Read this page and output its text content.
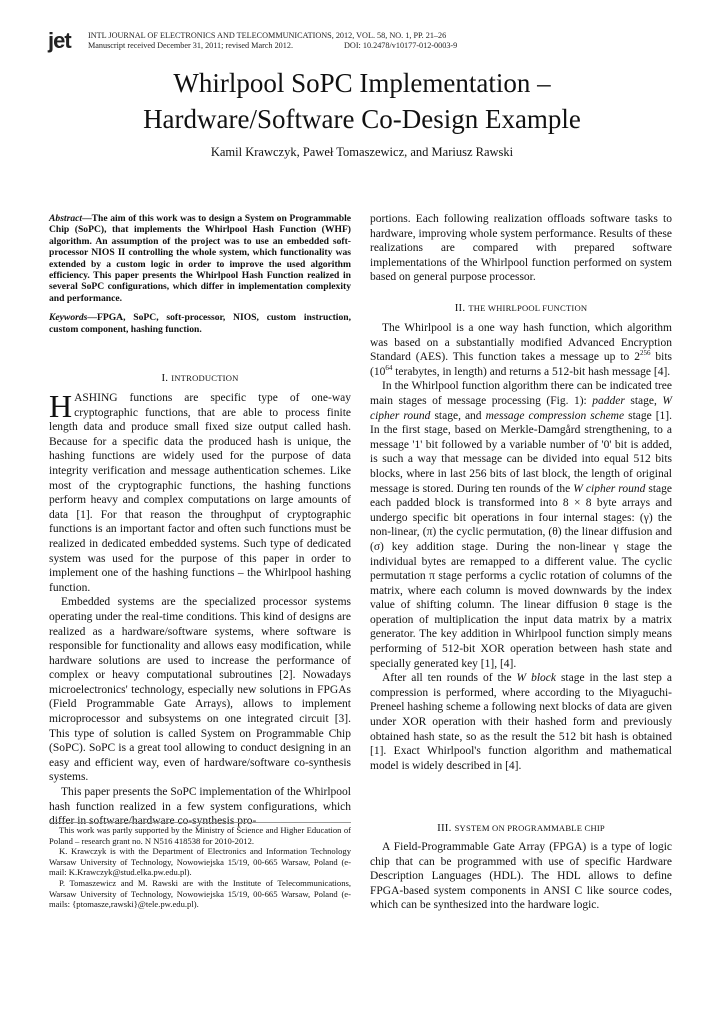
jet INTL JOURNAL OF ELECTRONICS AND TELECOMMUNICATIONS, 2012, VOL. 58, NO. 1, PP. 21–26
Manuscript received December 31, 2011; revised March 2012.	DOI: 10.2478/v10177-012-0003-9
Whirlpool SoPC Implementation –
Hardware/Software Co-Design Example
Kamil Krawczyk, Paweł Tomaszewicz, and Mariusz Rawski

Abstract—The aim of this work was to design a System on Programmable Chip (SoPC), that implements the Whirlpool Hash Function (WHF) algorithm. An assumption of the project was to use an embedded soft-processor NIOS II controlling the whole system, which functionality was extended by a custom logic in order to improve the used algorithm efficiency. This paper presents the Whirlpool Hash Function realized in several SoPC configurations, which differ in implementation complexity and performance.

Keywords—FPGA, SoPC, soft-processor, NIOS, custom instruction, custom component, hashing function.

I. INTRODUCTION

HASHING functions are specific type of one-way cryptographic functions, that are able to process finite length data and produce small fixed size output called hash. Because for a specific data the produced hash is unique, the hashing functions are widely used for the purpose of data integrity verification and message authentication schemes. Like most of the cryptographic functions, the hashing functions perform heavy and complex computations on large amounts of data [1]. For that reason the throughput of cryptographic functions is an important factor and often such functions must be realized in dedicated embedded systems. Such type of dedicated system was used for the purpose of this paper in order to implement one of the hashing functions – the Whirlpool hashing function.

Embedded systems are the specialized processor systems operating under the real-time conditions. This kind of designs are realized as a hardware/software systems, where software is responsible for functionality and allows easy modification, while hardware solutions are used to increase the performance of complex or heavy computational subroutines [2]. Nowadays microelectronics' technology, especially new solutions in FPGAs (Field Programmable Gate Arrays), allows to implement microprocessor and subsystems on one integrated circuit [3]. This type of solution is called System on Programmable Chip (SoPC). SoPC is a great tool allowing to conduct designing in an easy and efficient way, even of hardware/software co-synthesis systems.

This paper presents the SoPC implementation of the Whirlpool hash function realized in a few system configurations, which differ in software/hardware co-synthesis pro-

This work was partly supported by the Ministry of Science and Higher Education of Poland – research grant no. N N516 418538 for 2010-2012.

K. Krawczyk is with the Department of Electronics and Information Technology Warsaw University of Technology, Nowowiejska 15/19, 00-665 Warsaw, Poland (e-mail: K.Krawczyk@stud.elka.pw.edu.pl).

P. Tomaszewicz and M. Rawski are with the Institute of Telecommunications, Warsaw University of Technology, Nowowiejska 15/19, 00-665 Warsaw, Poland (e-mails: {ptomasze,rawski}@tele.pw.edu.pl).

portions. Each following realization offloads software tasks to hardware, improving whole system performance. Results of these realizations are compared with prepared software implementations of the Whirlpool function performed on system based on general purpose processor.

II. THE WHIRLPOOL FUNCTION

The Whirlpool is a one way hash function, which algorithm was based on a substantially modified Advanced Encryption Standard (AES). This function takes a message up to $2^{256}$ bits ($10^{64}$ terabytes, in length) and returns a 512-bit hash message [4].

In the Whirlpool function algorithm there can be indicated tree main stages of message processing (Fig. 1): padder stage, W cipher round stage, and message compression scheme stage [1]. In the first stage, based on Merkle-Damgård strengthening, to a message '1' bit followed by a variable number of '0' bit is added, is such a way that message can be divided into equal 512 bits blocks, where in last 256 bits of last block, the length of original message is stored. During ten rounds of the W cipher round stage each padded block is transformed into 8 × 8 byte arrays and undergo specific bit operations in four internal stages: (γ) the non-linear, (π) the cyclic permutation, (θ) the linear diffusion and (σ) key addition stage. During the non-linear γ stage the individual bytes are remapped to a different value. The cyclic permutation π stage performs a cyclic rotation of columns of the matrix, where each column is moved downwards by the index value of shifting column. The linear diffusion θ stage is the operation of multiplication the input data matrix by a matrix generator. The key addition in Whirlpool function simply means performing of 512-bit XOR operation between hash state and specially generated key [1], [4].

After all ten rounds of the W block stage in the last step a compression is performed, where according to the Miyaguchi-Preneel hashing scheme a following next blocks of data are given under XOR operation with their hashed form and previously obtained hash state, so as the result the 512 bit hash is obtained [1]. Exact Whirlpool's function algorithm and mathematical model is widely described in [4].

III. SYSTEM ON PROGRAMMABLE CHIP

A Field-Programmable Gate Array (FPGA) is a type of logic chip that can be programmed with use of specific Hardware Description Languages (HDL). The HDL allows to define FPGA-based system components in ANSI C like source codes, which can be synthesized into the hardware logic.
